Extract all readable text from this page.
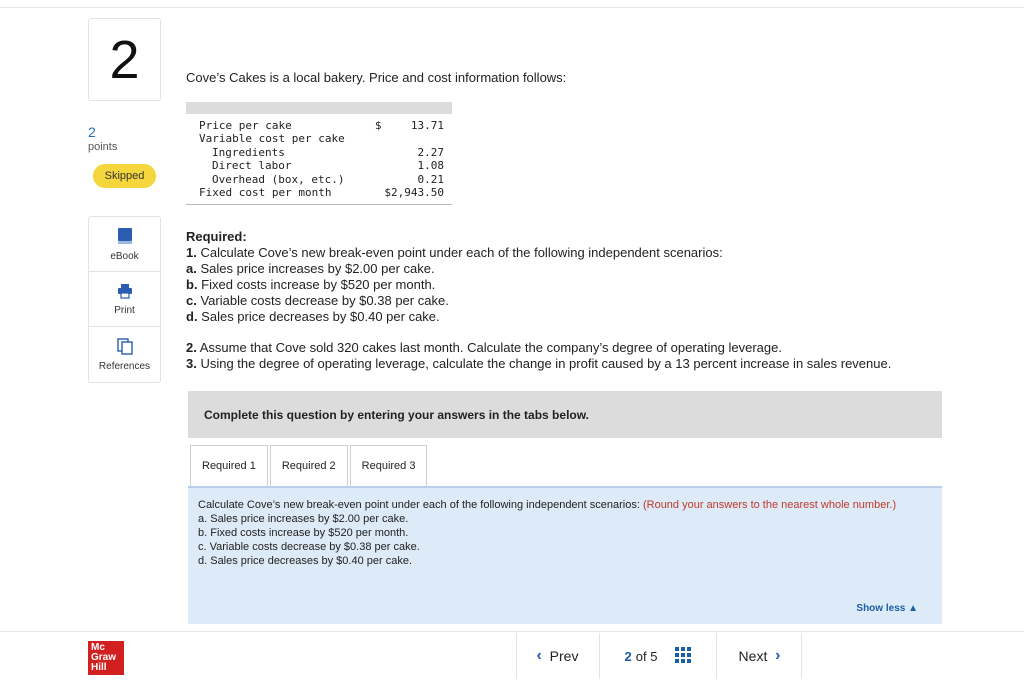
2
2
points
Skipped
eBook
Print
References
Cove’s Cakes is a local bakery. Price and cost information follows:

Price per cake	$	13.71
Variable cost per cake		
Ingredients		2.27
Direct labor		1.08
Overhead (box, etc.)		0.21
Fixed cost per month	$2,943.50	

Required:
1. Calculate Cove’s new break-even point under each of the following independent scenarios:
a. Sales price increases by $2.00 per cake.
b. Fixed costs increase by $520 per month.
c. Variable costs decrease by $0.38 per cake.
d. Sales price decreases by $0.40 per cake.
2. Assume that Cove sold 320 cakes last month. Calculate the company’s degree of operating leverage.
3. Using the degree of operating leverage, calculate the change in profit caused by a 13 percent increase in sales revenue.
Complete this question by entering your answers in the tabs below.
Required 1	Required 2	Required 3
Calculate Cove’s new break-even point under each of the following independent scenarios: (Round your answers to the nearest whole number.)
a. Sales price increases by $2.00 per cake.
b. Fixed costs increase by $520 per month.
c. Variable costs decrease by $0.38 per cake.
d. Sales price decreases by $0.40 per cake.
Show less ▲
Mc
Graw
Hill
‹
Prev	2 of 5	Next
›
